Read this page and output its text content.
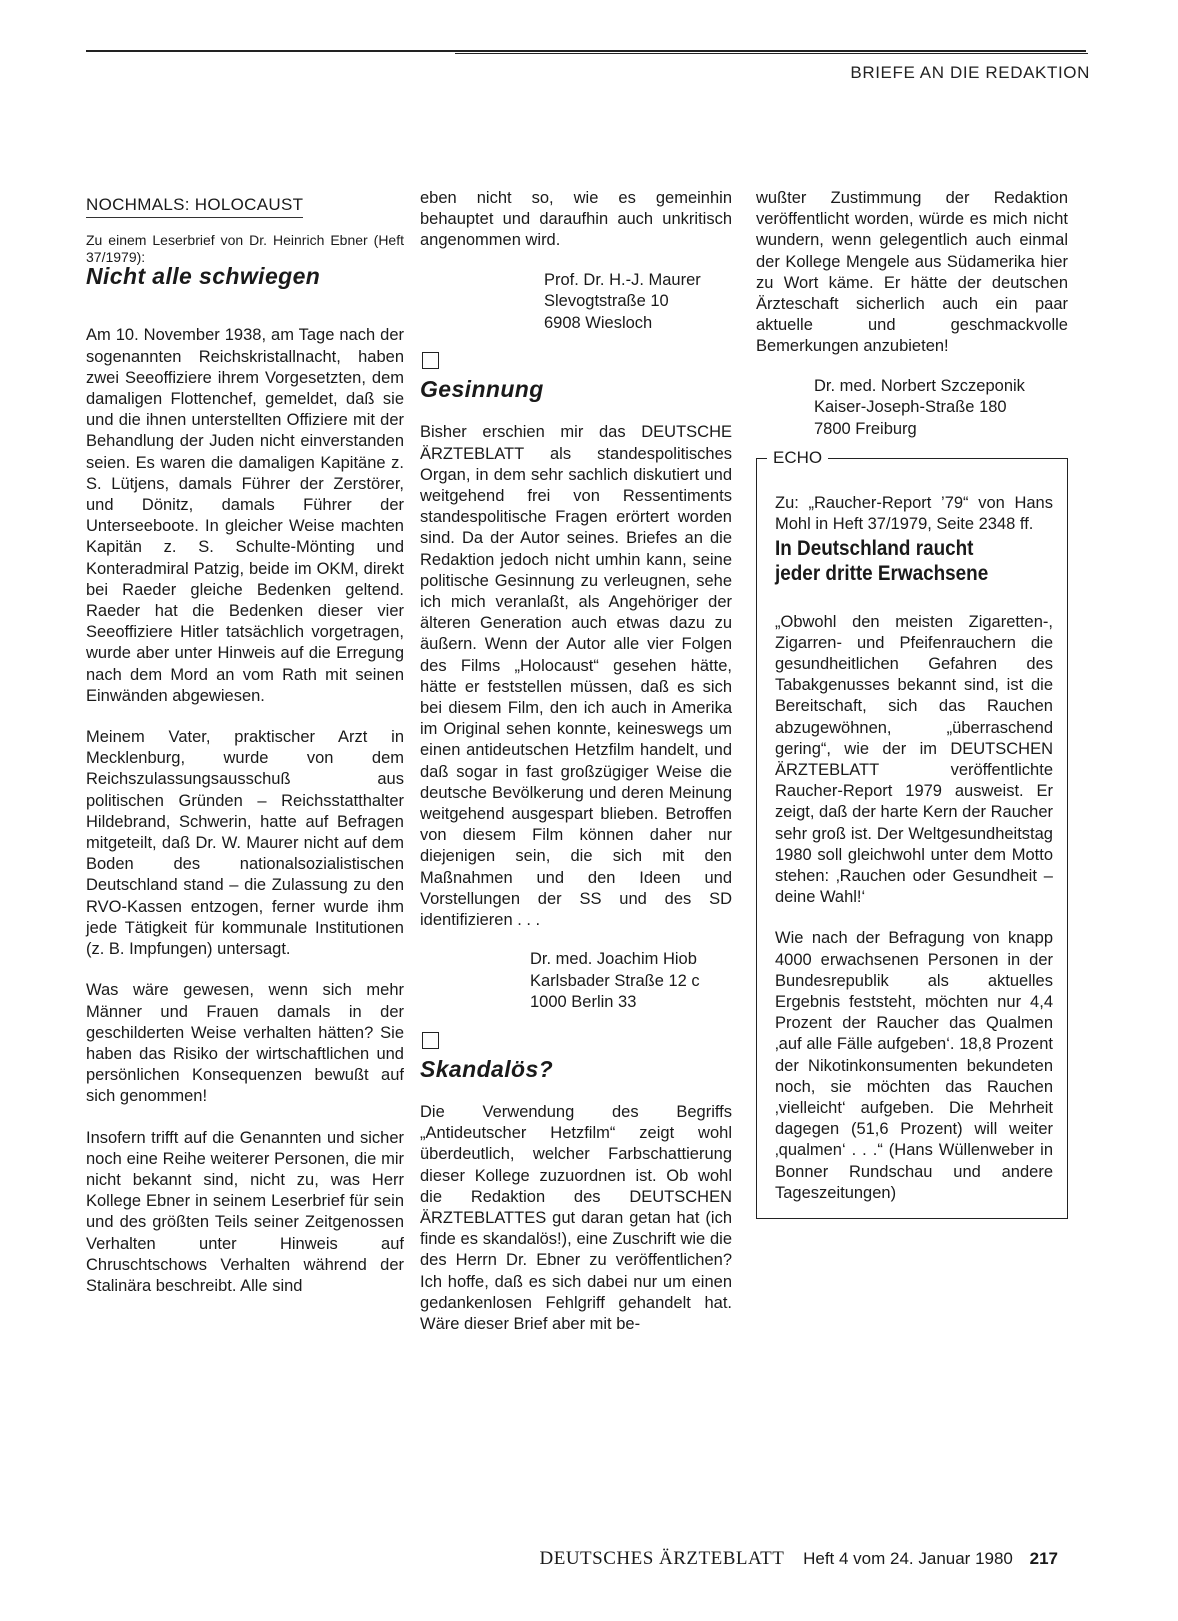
BRIEFE AN DIE REDAKTION
NOCHMALS: HOLOCAUST

Zu einem Leserbrief von Dr. Heinrich Ebner (Heft 37/1979):

Nicht alle schwiegen

Am 10. November 1938, am Tage nach der sogenannten Reichskristallnacht, haben zwei Seeoffiziere ihrem Vorgesetzten, dem damaligen Flottenchef, gemeldet, daß sie und die ihnen unterstellten Offiziere mit der Behandlung der Juden nicht einverstanden seien. Es waren die damaligen Kapitäne z. S. Lütjens, damals Führer der Zerstörer, und Dönitz, damals Führer der Unterseeboote. In gleicher Weise machten Kapitän z. S. Schulte-Mönting und Konteradmiral Patzig, beide im OKM, direkt bei Raeder gleiche Bedenken geltend. Raeder hat die Bedenken dieser vier Seeoffiziere Hitler tatsächlich vorgetragen, wurde aber unter Hinweis auf die Erregung nach dem Mord an vom Rath mit seinen Einwänden abgewiesen.

Meinem Vater, praktischer Arzt in Mecklenburg, wurde von dem Reichszulassungsausschuß aus politischen Gründen – Reichsstatthalter Hildebrand, Schwerin, hatte auf Befragen mitgeteilt, daß Dr. W. Maurer nicht auf dem Boden des nationalsozialistischen Deutschland stand – die Zulassung zu den RVO-Kassen entzogen, ferner wurde ihm jede Tätigkeit für kommunale Institutionen (z. B. Impfungen) untersagt.

Was wäre gewesen, wenn sich mehr Männer und Frauen damals in der geschilderten Weise verhalten hätten? Sie haben das Risiko der wirtschaftlichen und persönlichen Konsequenzen bewußt auf sich genommen!

Insofern trifft auf die Genannten und sicher noch eine Reihe weiterer Personen, die mir nicht bekannt sind, nicht zu, was Herr Kollege Ebner in seinem Leserbrief für sein und des größten Teils seiner Zeitgenossen Verhalten unter Hinweis auf Chruschtschows Verhalten während der Stalinära beschreibt. Alle sind

eben nicht so, wie es gemeinhin behauptet und daraufhin auch unkritisch angenommen wird.

Prof. Dr. H.-J. Maurer
Slevogtstraße 10
6908 Wiesloch
Gesinnung

Bisher erschien mir das DEUTSCHE ÄRZTEBLATT als standespolitisches Organ, in dem sehr sachlich diskutiert und weitgehend frei von Ressentiments standespolitische Fragen erörtert worden sind. Da der Autor seines. Briefes an die Redaktion jedoch nicht umhin kann, seine politische Gesinnung zu verleugnen, sehe ich mich veranlaßt, als Angehöriger der älteren Generation auch etwas dazu zu äußern. Wenn der Autor alle vier Folgen des Films „Holocaust“ gesehen hätte, hätte er feststellen müssen, daß es sich bei diesem Film, den ich auch in Amerika im Original sehen konnte, keineswegs um einen antideutschen Hetzfilm handelt, und daß sogar in fast großzügiger Weise die deutsche Bevölkerung und deren Meinung weitgehend ausgespart blieben. Betroffen von diesem Film können daher nur diejenigen sein, die sich mit den Maßnahmen und den Ideen und Vorstellungen der SS und des SD identifizieren . . .

Dr. med. Joachim Hiob
Karlsbader Straße 12 c
1000 Berlin 33
Skandalös?

Die Verwendung des Begriffs „Antideutscher Hetzfilm“ zeigt wohl überdeutlich, welcher Farbschattierung dieser Kollege zuzuordnen ist. Ob wohl die Redaktion des DEUTSCHEN ÄRZTEBLATTES gut daran getan hat (ich finde es skandalös!), eine Zuschrift wie die des Herrn Dr. Ebner zu veröffentlichen? Ich hoffe, daß es sich dabei nur um einen gedankenlosen Fehlgriff gehandelt hat. Wäre dieser Brief aber mit be-

wußter Zustimmung der Redaktion veröffentlicht worden, würde es mich nicht wundern, wenn gelegentlich auch einmal der Kollege Mengele aus Südamerika hier zu Wort käme. Er hätte der deutschen Ärzteschaft sicherlich auch ein paar aktuelle und geschmackvolle Bemerkungen anzubieten!

Dr. med. Norbert Szczeponik
Kaiser-Joseph-Straße 180
7800 Freiburg
ECHO

Zu: „Raucher-Report ’79“ von Hans Mohl in Heft 37/1979, Seite 2348 ff.

In Deutschland raucht
jeder dritte Erwachsene

„Obwohl den meisten Zigaretten-, Zigarren- und Pfeifenrauchern die gesundheitlichen Gefahren des Tabakgenusses bekannt sind, ist die Bereitschaft, sich das Rauchen abzugewöhnen, „überraschend gering“, wie der im DEUTSCHEN ÄRZTEBLATT veröffentlichte Raucher-Report 1979 ausweist. Er zeigt, daß der harte Kern der Raucher sehr groß ist. Der Weltgesundheitstag 1980 soll gleichwohl unter dem Motto stehen: ‚Rauchen oder Gesundheit – deine Wahl!‘

Wie nach der Befragung von knapp 4000 erwachsenen Personen in der Bundesrepublik als aktuelles Ergebnis feststeht, möchten nur 4,4 Prozent der Raucher das Qualmen ‚auf alle Fälle aufgeben‘. 18,8 Prozent der Nikotinkonsumenten bekundeten noch, sie möchten das Rauchen ‚vielleicht‘ aufgeben. Die Mehrheit dagegen (51,6 Prozent) will weiter ‚qualmen‘ . . .“ (Hans Wüllenweber in Bonner Rundschau und andere Tageszeitungen)

DEUTSCHES ÄRZTEBLATT Heft 4 vom 24. Januar 1980 217
